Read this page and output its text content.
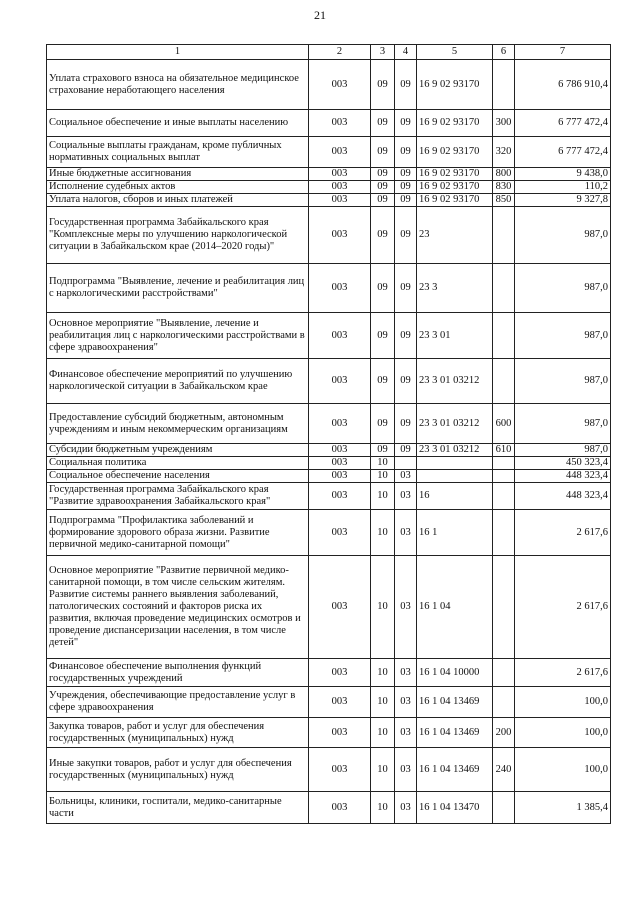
21
1	2	3	4	5	6	7
Уплата страхового взноса на обязательное медицинское страхование неработающего населения	003	09	09	16 9 02 93170		6 786 910,4
Социальное обеспечение и иные выплаты населению	003	09	09	16 9 02 93170	300	6 777 472,4
Социальные выплаты гражданам, кроме публичных нормативных социальных выплат	003	09	09	16 9 02 93170	320	6 777 472,4
Иные бюджетные ассигнования	003	09	09	16 9 02 93170	800	9 438,0
Исполнение судебных актов	003	09	09	16 9 02 93170	830	110,2
Уплата налогов, сборов и иных платежей	003	09	09	16 9 02 93170	850	9 327,8
Государственная программа Забайкальского края "Комплексные меры по улучшению наркологической ситуации в Забайкальском крае (2014–2020 годы)"	003	09	09	23		987,0
Подпрограмма "Выявление, лечение и реабилитация лиц с наркологическими расстройствами"	003	09	09	23 3		987,0
Основное мероприятие "Выявление, лечение и реабилитация лиц с наркологическими расстройствами в сфере здравоохранения"	003	09	09	23 3 01		987,0
Финансовое обеспечение мероприятий по улучшению наркологической ситуации в Забайкальском крае	003	09	09	23 3 01 03212		987,0
Предоставление субсидий бюджетным, автономным учреждениям и иным некоммерческим организациям	003	09	09	23 3 01 03212	600	987,0
Субсидии бюджетным учреждениям	003	09	09	23 3 01 03212	610	987,0
Социальная политика	003	10				450 323,4
Социальное обеспечение населения	003	10	03			448 323,4
Государственная программа Забайкальского края "Развитие здравоохранения Забайкальского края"	003	10	03	16		448 323,4
Подпрограмма "Профилактика заболеваний и формирование здорового образа жизни. Развитие первичной медико-санитарной помощи"	003	10	03	16 1		2 617,6
Основное мероприятие "Развитие первичной медико-санитарной помощи, в том числе сельским жителям. Развитие системы раннего выявления заболеваний, патологических состояний и факторов риска их развития, включая проведение медицинских осмотров и проведение диспансеризации населения, в том числе детей"	003	10	03	16 1 04		2 617,6
Финансовое обеспечение выполнения функций государственных учреждений	003	10	03	16 1 04 10000		2 617,6
Учреждения, обеспечивающие предоставление услуг в сфере здравоохранения	003	10	03	16 1 04 13469		100,0
Закупка товаров, работ и услуг для обеспечения государственных (муниципальных) нужд	003	10	03	16 1 04 13469	200	100,0
Иные закупки товаров, работ и услуг для обеспечения государственных (муниципальных) нужд	003	10	03	16 1 04 13469	240	100,0
Больницы, клиники, госпитали, медико-санитарные части	003	10	03	16 1 04 13470		1 385,4
